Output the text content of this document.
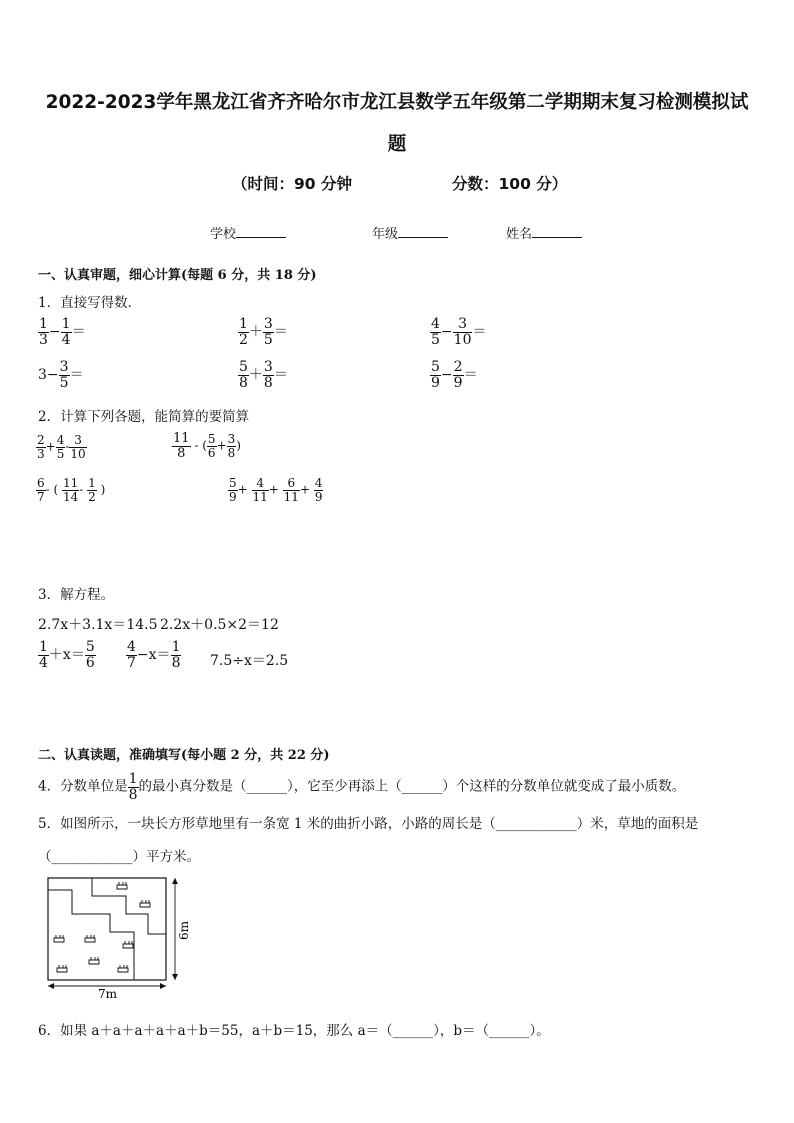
2022-2023学年黑龙江省齐齐哈尔市龙江县数学五年级第二学期期末复习检测模拟试
题
（时间：90 分钟	分数：100 分）
学校	年级	姓名
一、认真审题，细心计算(每题 6 分，共 18 分)
1．直接写得数．
$\frac{1}{3} - \frac{1}{4}$ ＝	$\frac{1}{2} + \frac{3}{5}$ ＝	$\frac{4}{5} - \frac{3}{10}$ ＝
$3- \frac{3}{5}$ ＝	$\frac{5}{8} + \frac{3}{8}$ ＝	$\frac{5}{9} - \frac{2}{9}$ ＝
2．计算下列各题，能简算的要简算
$\frac{2}{3} + \frac{4}{5} - \frac{3}{10}$	$\frac{11}{8}$ - ( $\frac{5}{6} + \frac{3}{8}$ )
$\frac{6}{7}$ - ( $\frac{11}{14} - \frac{1}{2}$ )	$\frac{5}{9} + \frac{4}{11} + \frac{6}{11} + \frac{4}{9}$
3．解方程。
2.7x＋3.1x＝14.5 2.2x＋0.5×2＝12
$\frac{1}{4} +x= \frac{5}{6} \frac{4}{7} -x= \frac{1}{8} 7.5\div x=2.5$
二、认真读题，准确填写(每小题 2 分，共 22 分)
4．分数单位是 $\frac{1}{8}$ 的最小真分数是（______），它至少再添上（______）个这样的分数单位就变成了最小质数。
5．如图所示，一块长方形草地里有一条宽 1 米的曲折小路，小路的周长是（____________）米，草地的面积是
（____________）平方米。
7m
6m
6．如果 a＋a＋a＋a＋a＋b＝55，a＋b＝15，那么 a＝（______），b＝（______）。
